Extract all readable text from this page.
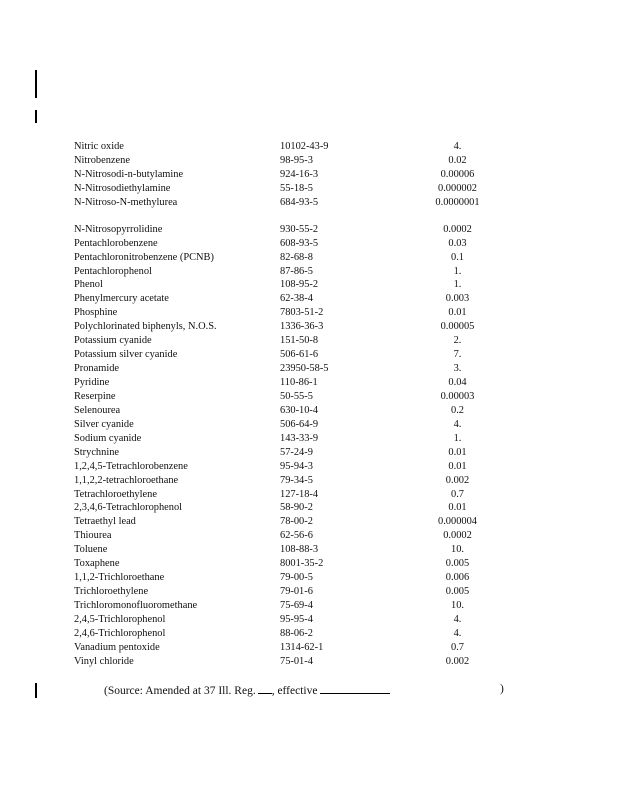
Nitric oxide	10102-43-9	4.
Nitrobenzene	98-95-3	0.02
N-Nitrosodi-n-butylamine	924-16-3	0.00006
N-Nitrosodiethylamine	55-18-5	0.000002
N-Nitroso-N-methylurea	684-93-5	0.0000001
N-Nitrosopyrrolidine	930-55-2	0.0002
Pentachlorobenzene	608-93-5	0.03
Pentachloronitrobenzene (PCNB)	82-68-8	0.1
Pentachlorophenol	87-86-5	1.
Phenol	108-95-2	1.
Phenylmercury acetate	62-38-4	0.003
Phosphine	7803-51-2	0.01
Polychlorinated biphenyls, N.O.S.	1336-36-3	0.00005
Potassium cyanide	151-50-8	2.
Potassium silver cyanide	506-61-6	7.
Pronamide	23950-58-5	3.
Pyridine	110-86-1	0.04
Reserpine	50-55-5	0.00003
Selenourea	630-10-4	0.2
Silver cyanide	506-64-9	4.
Sodium cyanide	143-33-9	1.
Strychnine	57-24-9	0.01
1,2,4,5-Tetrachlorobenzene	95-94-3	0.01
1,1,2,2-tetrachloroethane	79-34-5	0.002
Tetrachloroethylene	127-18-4	0.7
2,3,4,6-Tetrachlorophenol	58-90-2	0.01
Tetraethyl lead	78-00-2	0.000004
Thiourea	62-56-6	0.0002
Toluene	108-88-3	10.
Toxaphene	8001-35-2	0.005
1,1,2-Trichloroethane	79-00-5	0.006
Trichloroethylene	79-01-6	0.005
Trichloromonofluoromethane	75-69-4	10.
2,4,5-Trichlorophenol	95-95-4	4.
2,4,6-Trichlorophenol	88-06-2	4.
Vanadium pentoxide	1314-62-1	0.7
Vinyl chloride	75-01-4	0.002
(Source: Amended at 37 Ill. Reg. , effective	)
